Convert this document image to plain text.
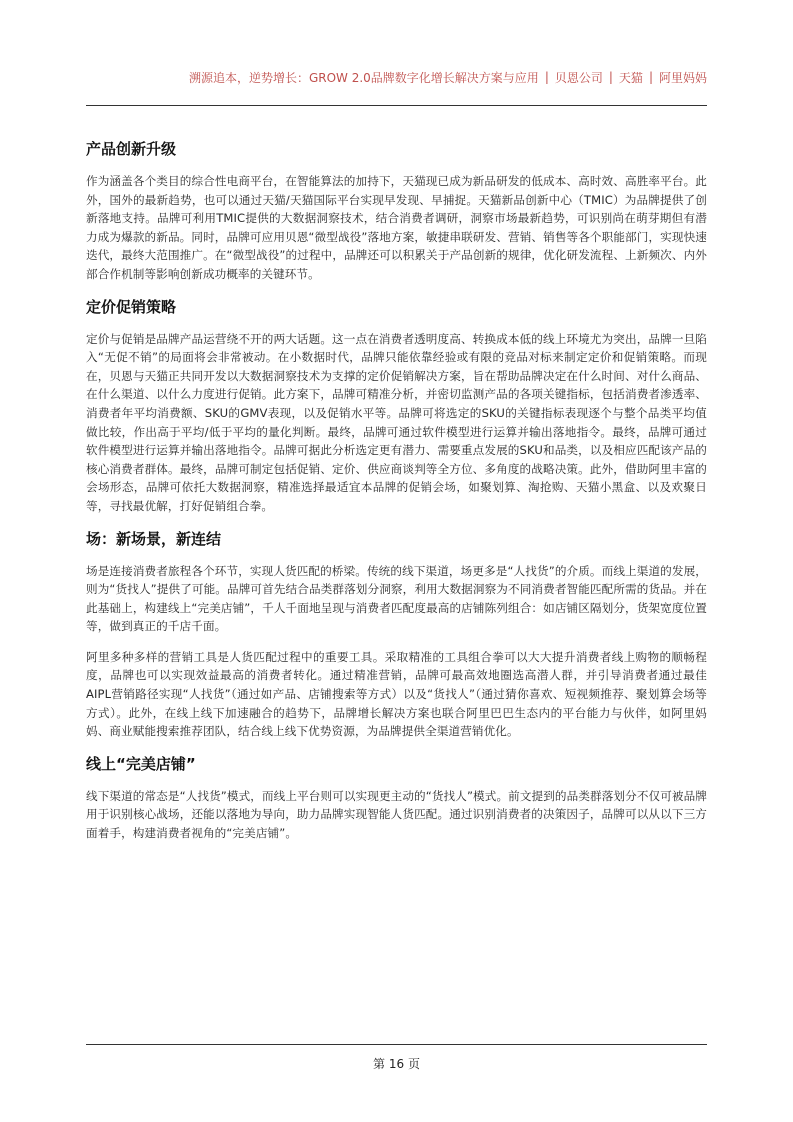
溯源追本，逆势增长：GROW 2.0品牌数字化增长解决方案与应用 | 贝恩公司 | 天猫 | 阿里妈妈
产品创新升级

作为涵盖各个类目的综合性电商平台，在智能算法的加持下，天猫现已成为新品研发的低成本、高时效、高胜率平台。此外，国外的最新趋势，也可以通过天猫/天猫国际平台实现早发现、早捕捉。天猫新品创新中心（TMIC）为品牌提供了创新落地支持。品牌可利用TMIC提供的大数据洞察技术，结合消费者调研，洞察市场最新趋势，可识别尚在萌芽期但有潜力成为爆款的新品。同时，品牌可应用贝恩“微型战役”落地方案，敏捷串联研发、营销、销售等各个职能部门，实现快速迭代，最终大范围推广。在“微型战役”的过程中，品牌还可以积累关于产品创新的规律，优化研发流程、上新频次、内外部合作机制等影响创新成功概率的关键环节。

定价促销策略

定价与促销是品牌产品运营绕不开的两大话题。这一点在消费者透明度高、转换成本低的线上环境尤为突出，品牌一旦陷入“无促不销”的局面将会非常被动。在小数据时代，品牌只能依靠经验或有限的竞品对标来制定定价和促销策略。而现在，贝恩与天猫正共同开发以大数据洞察技术为支撑的定价促销解决方案，旨在帮助品牌决定在什么时间、对什么商品、在什么渠道、以什么力度进行促销。此方案下，品牌可精准分析，并密切监测产品的各项关键指标，包括消费者渗透率、消费者年平均消费额、SKU的GMV表现，以及促销水平等。品牌可将选定的SKU的关键指标表现逐个与整个品类平均值做比较，作出高于平均/低于平均的量化判断。最终，品牌可通过软件模型进行运算并输出落地指令。最终，品牌可通过软件模型进行运算并输出落地指令。品牌可据此分析选定更有潜力、需要重点发展的SKU和品类，以及相应匹配该产品的核心消费者群体。最终，品牌可制定包括促销、定价、供应商谈判等全方位、多角度的战略决策。此外，借助阿里丰富的会场形态，品牌可依托大数据洞察，精准选择最适宜本品牌的促销会场，如聚划算、淘抢购、天猫小黑盒、以及欢聚日等，寻找最优解，打好促销组合拳。

场：新场景，新连结

场是连接消费者旅程各个环节，实现人货匹配的桥梁。传统的线下渠道，场更多是“人找货”的介质。而线上渠道的发展，则为“货找人”提供了可能。品牌可首先结合品类群落划分洞察，利用大数据洞察为不同消费者智能匹配所需的货品。并在此基础上，构建线上“完美店铺”，千人千面地呈现与消费者匹配度最高的店铺陈列组合：如店铺区隔划分，货架宽度位置等，做到真正的千店千面。

阿里多种多样的营销工具是人货匹配过程中的重要工具。采取精准的工具组合拳可以大大提升消费者线上购物的顺畅程度，品牌也可以实现效益最高的消费者转化。通过精准营销，品牌可最高效地圈选高潜人群，并引导消费者通过最佳AIPL营销路径实现“人找货”（通过如产品、店铺搜索等方式）以及“货找人”（通过猜你喜欢、短视频推荐、聚划算会场等方式）。此外，在线上线下加速融合的趋势下，品牌增长解决方案也联合阿里巴巴生态内的平台能力与伙伴，如阿里妈妈、商业赋能搜索推荐团队，结合线上线下优势资源，为品牌提供全渠道营销优化。

线上“完美店铺”

线下渠道的常态是“人找货”模式，而线上平台则可以实现更主动的“货找人”模式。前文提到的品类群落划分不仅可被品牌用于识别核心战场，还能以落地为导向，助力品牌实现智能人货匹配。通过识别消费者的决策因子，品牌可以从以下三方面着手，构建消费者视角的“完美店铺”。

第 16 页
